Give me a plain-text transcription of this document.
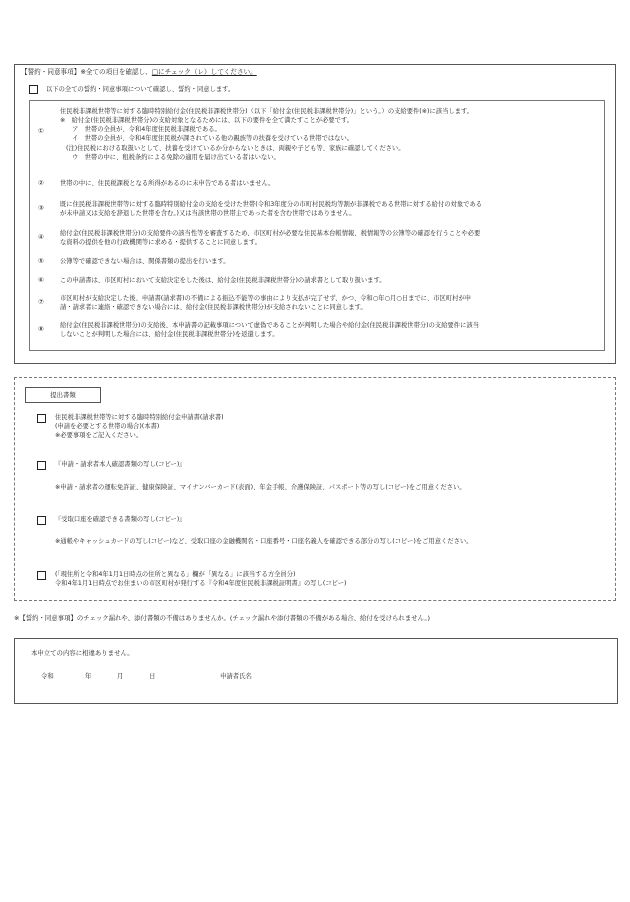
【誓約・同意事項】※全ての項目を確認し、□にチェック（レ）してください。
以下の全ての誓約・同意事項について確認し、誓約・同意します。
①

住民税非課税世帯等に対する臨時特別給付金(住民税非課税世帯分)（以下「給付金(住民税非課税世帯分)」という。）の支給要件(※)に該当します。

※　給付金(住民税非課税世帯分)の支給対象となるためには、以下の要件を全て満たすことが必要です。

ア　世帯の全員が、令和4年度住民税非課税である。

イ　世帯の全員が、令和4年度住民税が課されている他の親族等の扶養を受けている世帯ではない。

(注)住民税における取扱いとして、扶養を受けているか分からないときは、両親や子ども等、家族に確認してください。

ウ　世帯の中に、租税条約による免除の適用を届け出ている者はいない。

②	世帯の中に、住民税課税となる所得があるのに未申告である者はいません。

③	既に住民税非課税世帯等に対する臨時特別給付金の支給を受けた世帯(令和3年度分の市町村民税均等割が非課税である世帯に対する給付の対象である

が未申請又は支給を辞退した世帯を含む。)又は当該世帯の世帯主であった者を含む世帯ではありません。

④	給付金(住民税非課税世帯分)の支給要件の該当性等を審査するため、市区町村が必要な住民基本台帳情報、税情報等の公簿等の確認を行うことや必要

な資料の提供を他の行政機関等に求める・提供することに同意します。

⑤	公簿等で確認できない場合は、関係書類の提出を行います。

⑥	この申請書は、市区町村において支給決定をした後は、給付金(住民税非課税世帯分)の請求書として取り扱います。

⑦	市区町村が支給決定した後、申請書(請求書)の不備による振込不能等の事由により支払が完了せず、かつ、令和○年○月○日までに、市区町村が申

請・請求者に連絡・確認できない場合には、給付金(住民税非課税世帯分)が支給されないことに同意します。

⑧	給付金(住民税非課税世帯分)の支給後、本申請書の記載事項について虚偽であることが判明した場合や給付金(住民税非課税世帯分)の支給要件に該当

しないことが判明した場合には、給付金(住民税非課税世帯分)を返還します。

提出書類

住民税非課税世帯等に対する臨時特別給付金申請書(請求書)

(申請を必要とする世帯の場合)(本書)

※必要事項をご記入ください。

『申請・請求者本人確認書類の写し(コピー)』

※申請・請求者の運転免許証、健康保険証、マイナンバーカード(表面)、年金手帳、介護保険証、パスポート等の写し(コピー)をご用意ください。

『受取口座を確認できる書類の写し(コピー)』

※通帳やキャッシュカードの写し(コピー)など、受取口座の金融機関名・口座番号・口座名義人を確認できる部分の写し(コピー)をご用意ください。

(「現住所と令和4年1月1日時点の住所と異なる」欄が「異なる」に該当する方全員分)

令和4年1月1日時点でお住まいの市区町村が発行する『令和4年度住民税非課税証明書』の写し(コピー)

※【誓約・同意事項】のチェック漏れや、添付書類の不備はありませんか。(チェック漏れや添付書類の不備がある場合、給付を受けられません。)
本申立ての内容に相違ありません。
令和	年	月	日	申請者氏名
